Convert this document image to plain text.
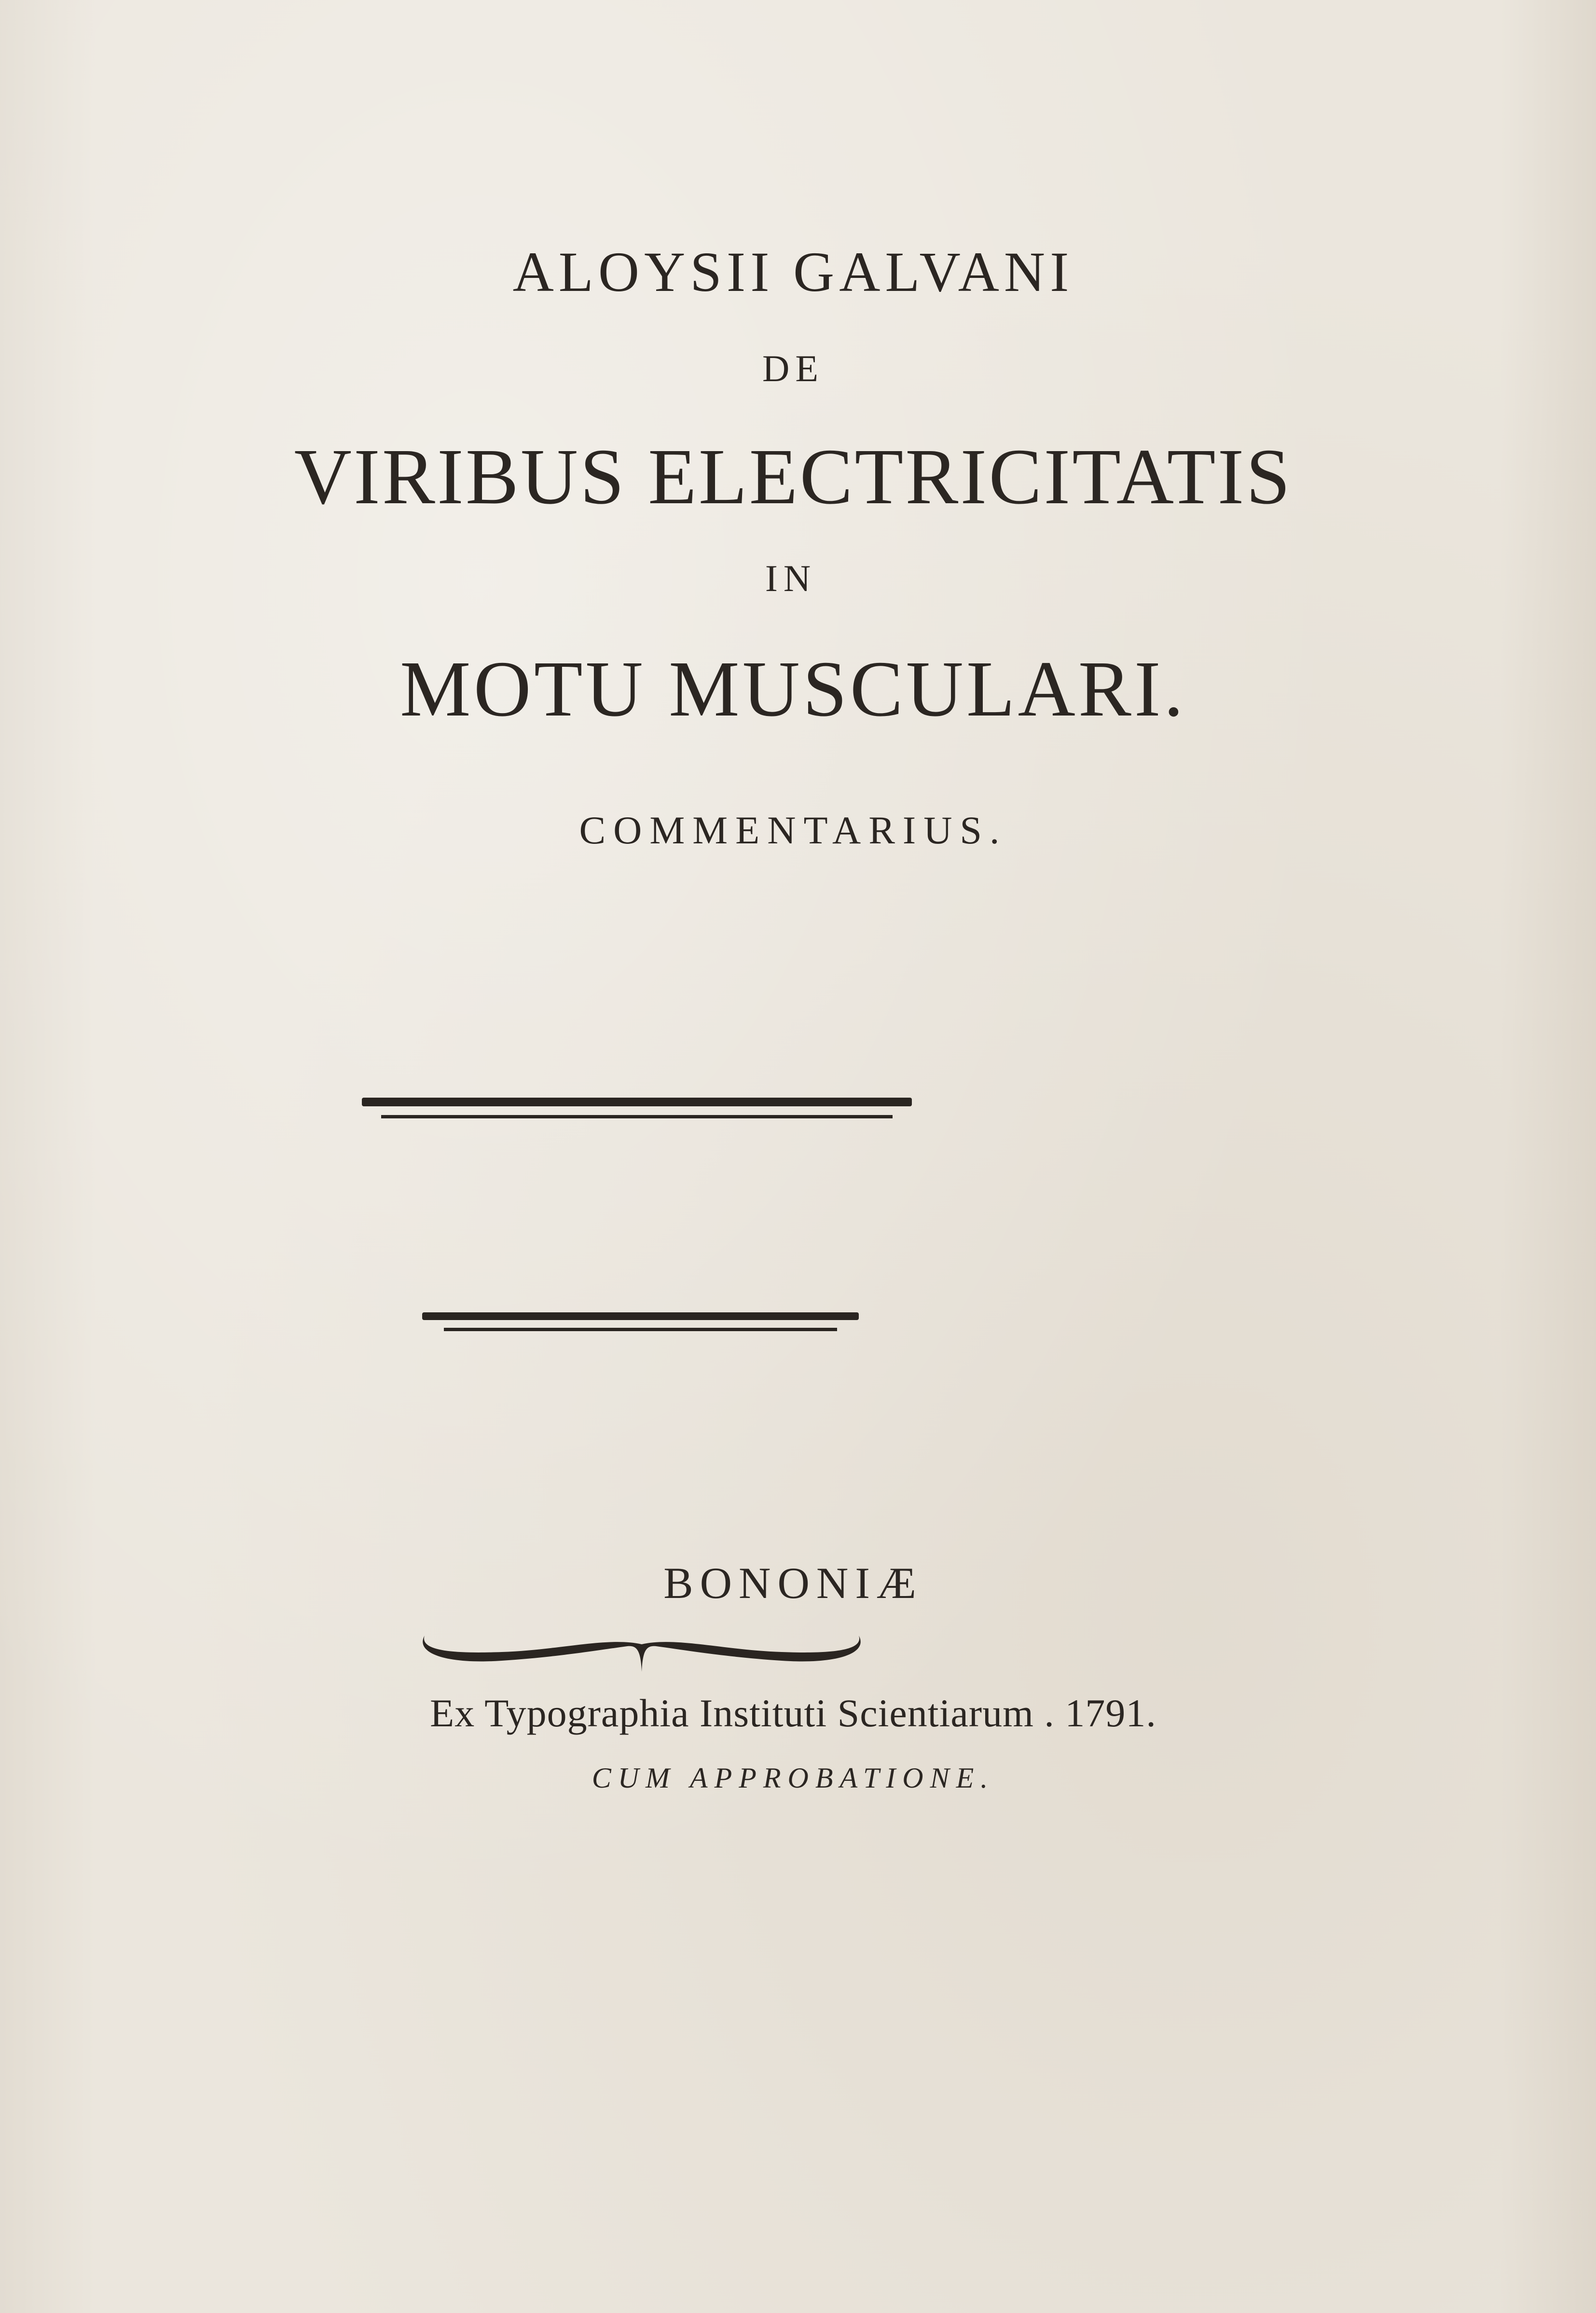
ALOYSII GALVANI
DE
VIRIBUS ELECTRICITATIS
IN
MOTU MUSCULARI.
COMMENTARIUS.
BONONIÆ
Ex Typographia Instituti Scientiarum . 1791.
CUM APPROBATIONE.
